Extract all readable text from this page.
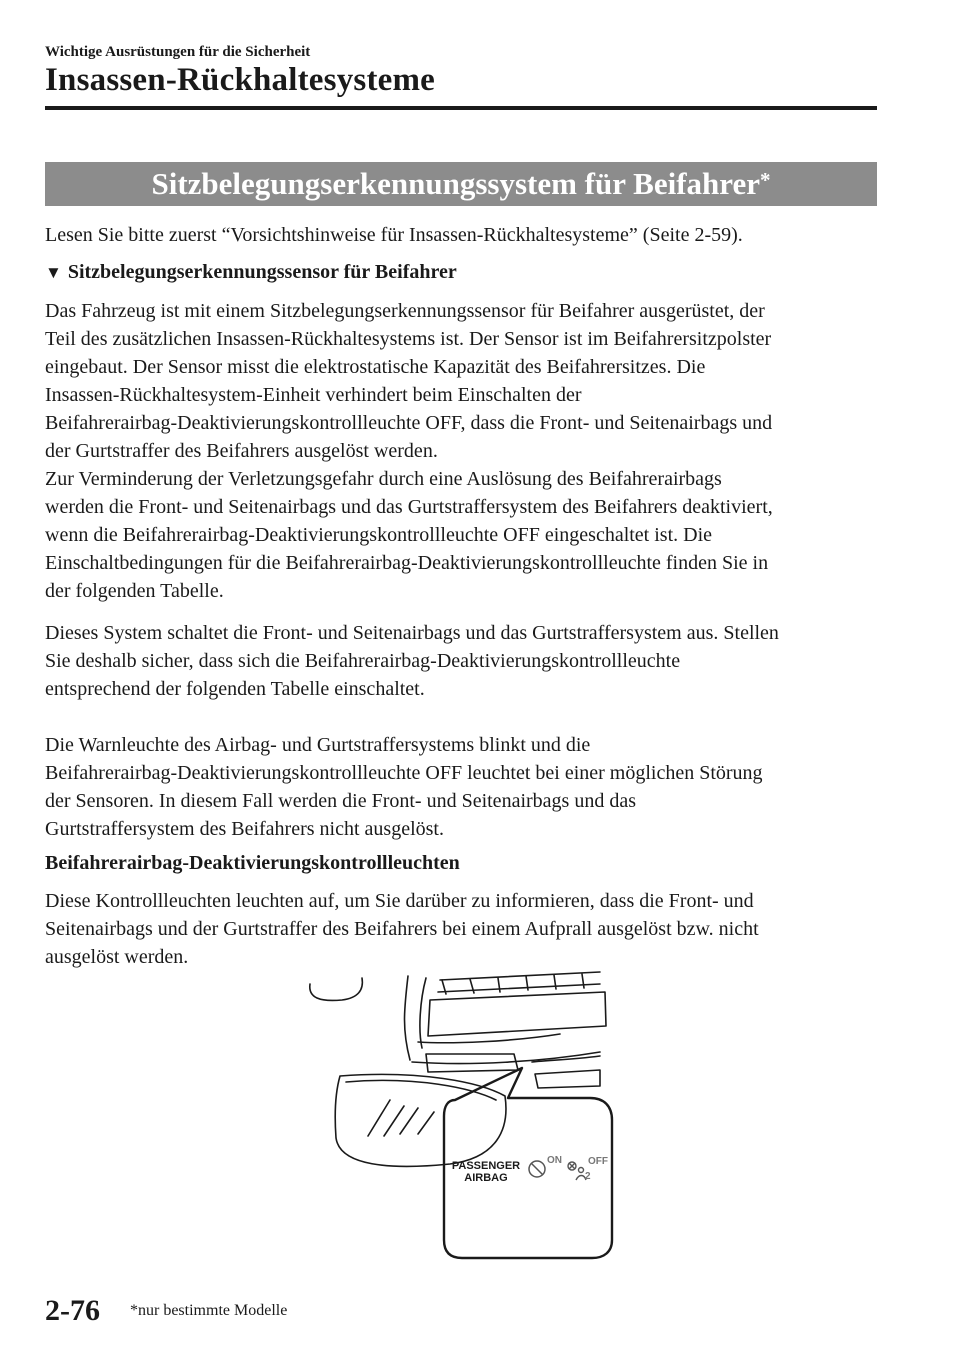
Wichtige Ausrüstungen für die Sicherheit
Insassen-Rückhaltesysteme
Sitzbelegungserkennungssystem für Beifahrer*
Lesen Sie bitte zuerst “Vorsichtshinweise für Insassen-Rückhaltesysteme” (Seite 2-59).
▼ Sitzbelegungserkennungssensor für Beifahrer
Das Fahrzeug ist mit einem Sitzbelegungserkennungssensor für Beifahrer ausgerüstet, der
Teil des zusätzlichen Insassen-Rückhaltesystems ist. Der Sensor ist im Beifahrersitzpolster
eingebaut. Der Sensor misst die elektrostatische Kapazität des Beifahrersitzes. Die
Insassen-Rückhaltesystem-Einheit verhindert beim Einschalten der
Beifahrerairbag-Deaktivierungskontrollleuchte OFF, dass die Front- und Seitenairbags und
der Gurtstraffer des Beifahrers ausgelöst werden.
Zur Verminderung der Verletzungsgefahr durch eine Auslösung des Beifahrerairbags
werden die Front- und Seitenairbags und das Gurtstraffersystem des Beifahrers deaktiviert,
wenn die Beifahrerairbag-Deaktivierungskontrollleuchte OFF eingeschaltet ist. Die
Einschaltbedingungen für die Beifahrerairbag-Deaktivierungskontrollleuchte finden Sie in
der folgenden Tabelle.
Dieses System schaltet die Front- und Seitenairbags und das Gurtstraffersystem aus. Stellen
Sie deshalb sicher, dass sich die Beifahrerairbag-Deaktivierungskontrollleuchte
entsprechend der folgenden Tabelle einschaltet.
Die Warnleuchte des Airbag- und Gurtstraffersystems blinkt und die
Beifahrerairbag-Deaktivierungskontrollleuchte OFF leuchtet bei einer möglichen Störung
der Sensoren. In diesem Fall werden die Front- und Seitenairbags und das
Gurtstraffersystem des Beifahrers nicht ausgelöst.
Beifahrerairbag-Deaktivierungskontrollleuchten
Diese Kontrollleuchten leuchten auf, um Sie darüber zu informieren, dass die Front- und
Seitenairbags und der Gurtstraffer des Beifahrers bei einem Aufprall ausgelöst bzw. nicht
ausgelöst werden.
PASSENGER
AIRBAG
ON	OFF
2
2-76 *nur bestimmte Modelle
